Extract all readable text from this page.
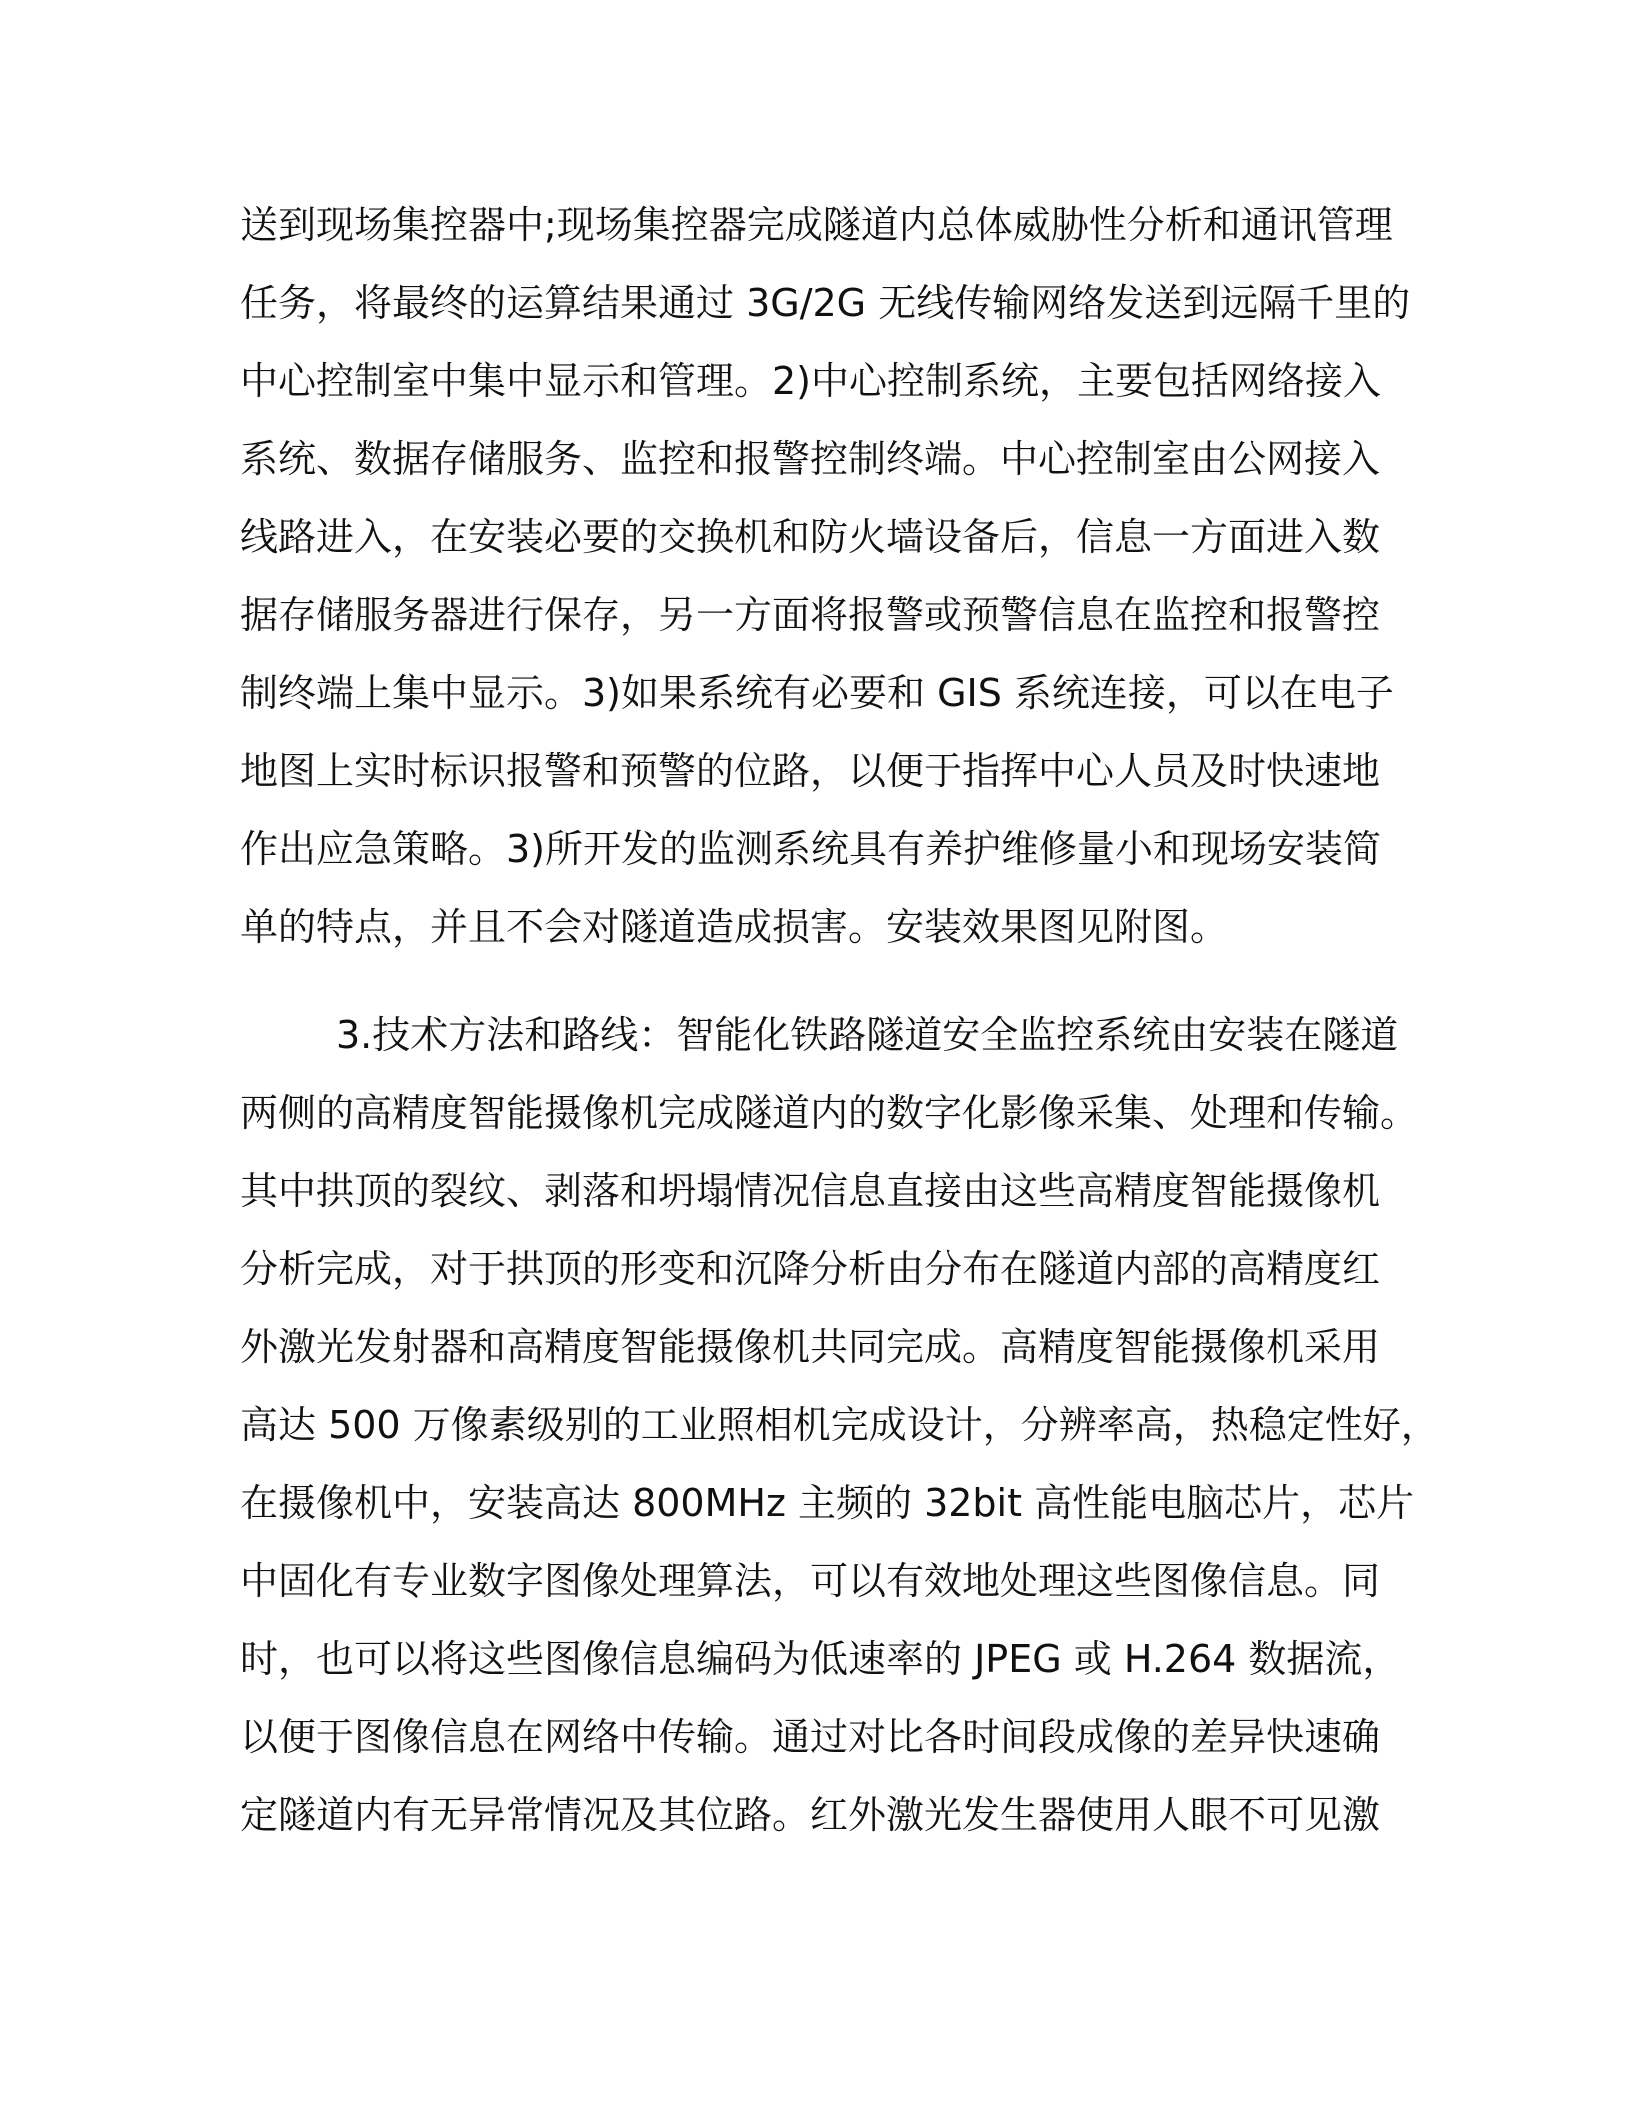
送到现场集控器中;现场集控器完成隧道内总体威胁性分析和通讯管理
任务，将最终的运算结果通过 3G/2G 无线传输网络发送到远隔千里的
中心控制室中集中显示和管理。2)中心控制系统，主要包括网络接入
系统、数据存储服务、监控和报警控制终端。中心控制室由公网接入
线路进入，在安装必要的交换机和防火墙设备后，信息一方面进入数
据存储服务器进行保存，另一方面将报警或预警信息在监控和报警控
制终端上集中显示。3)如果系统有必要和 GIS 系统连接，可以在电子
地图上实时标识报警和预警的位路，以便于指挥中心人员及时快速地
作出应急策略。3)所开发的监测系统具有养护维修量小和现场安装简
单的特点，并且不会对隧道造成损害。安装效果图见附图。
3.技术方法和路线：智能化铁路隧道安全监控系统由安装在隧道
两侧的高精度智能摄像机完成隧道内的数字化影像采集、处理和传输。
其中拱顶的裂纹、剥落和坍塌情况信息直接由这些高精度智能摄像机
分析完成，对于拱顶的形变和沉降分析由分布在隧道内部的高精度红
外激光发射器和高精度智能摄像机共同完成。高精度智能摄像机采用
高达 500 万像素级别的工业照相机完成设计，分辨率高，热稳定性好，
在摄像机中，安装高达 800MHz 主频的 32bit 高性能电脑芯片，芯片
中固化有专业数字图像处理算法，可以有效地处理这些图像信息。同
时，也可以将这些图像信息编码为低速率的 JPEG 或 H.264 数据流，
以便于图像信息在网络中传输。通过对比各时间段成像的差异快速确
定隧道内有无异常情况及其位路。红外激光发生器使用人眼不可见激
